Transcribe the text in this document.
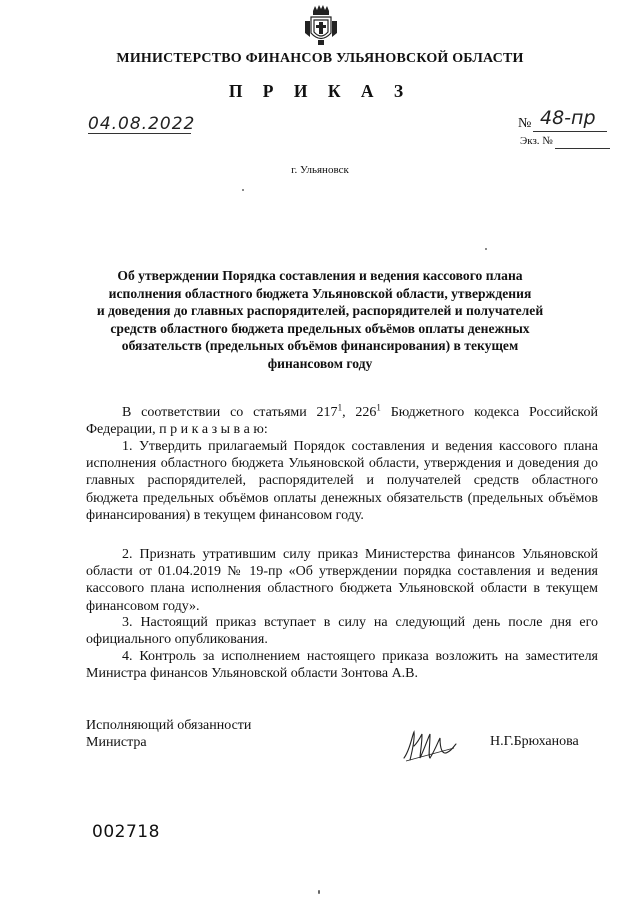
МИНИСТЕРСТВО ФИНАНСОВ УЛЬЯНОВСКОЙ ОБЛАСТИ
П Р И К А З
04.08.2022	№ 48-пр
Экз. №
г. Ульяновск
Об утверждении Порядка составления и ведения кассового плана
исполнения областного бюджета Ульяновской области, утверждения
и доведения до главных распорядителей, распорядителей и получателей
средств областного бюджета предельных объёмов оплаты денежных
обязательств (предельных объёмов финансирования) в текущем
финансовом году
В соответствии со статьями $217^1$, $226^1$ Бюджетного кодекса Российской Федерации, п р и к а з ы в а ю:
1. Утвердить прилагаемый Порядок составления и ведения кассового плана исполнения областного бюджета Ульяновской области, утверждения и доведения до главных распорядителей, распорядителей и получателей средств областного бюджета предельных объёмов оплаты денежных обязательств (предельных объёмов финансирования) в текущем финансовом году.
2. Признать утратившим силу приказ Министерства финансов Ульяновской области от 01.04.2019 № 19-пр «Об утверждении порядка составления и ведения кассового плана исполнения областного бюджета Ульяновской области в текущем финансовом году».
3. Настоящий приказ вступает в силу на следующий день после дня его официального опубликования.
4. Контроль за исполнением настоящего приказа возложить на заместителя Министра финансов Ульяновской области Зонтова А.В.
Исполняющий обязанности
Министра	Н.Г.Брюханова
002718
